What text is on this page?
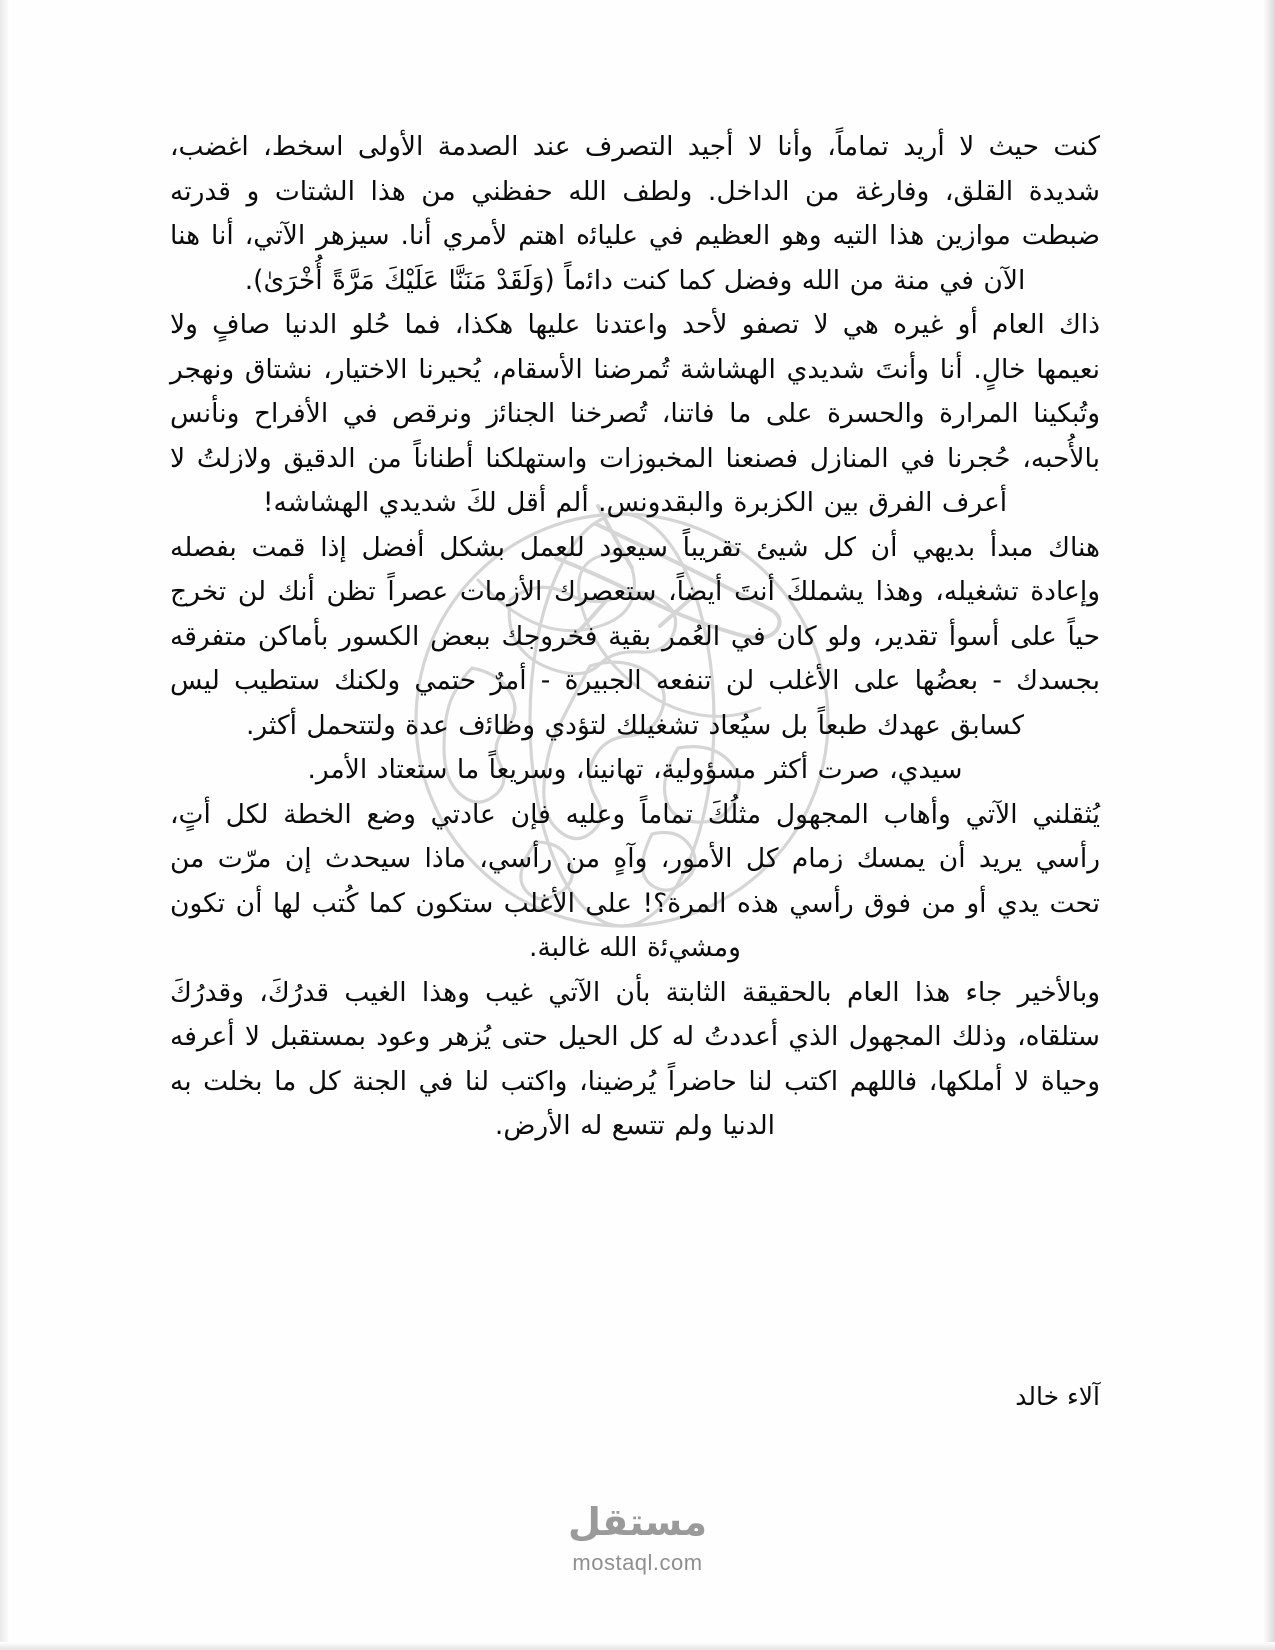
كنت حيث لا أريد تماماً، وأنا لا أجيد التصرف عند الصدمة الأولى اسخط، اغضب، شديدة القلق، وفارغة من الداخل. ولطف الله حفظني من هذا الشتات و قدرته ضبطت موازين هذا التيه وهو العظيم في علياﺋه اهتم لأمري أنا. سيزهر الآتي، أنا هنا الآن في منة من الله وفضل كما كنت داﺋماً (وَلَقَدْ مَنَنَّا عَلَيْكَ مَرَّةً أُخْرَىٰ).

ذاك العام أو غيره هي لا تصفو لأحد واعتدنا عليها هكذا، فما حُلو الدنيا صافٍ ولا نعيمها خالٍ. أنا وأنتَ شديدي الهشاشة تُمرضنا الأسقام، يُحيرنا الاختيار، نشتاق ونهجر وتُبكينا المرارة والحسرة على ما فاتنا، تُصرخنا الجناﺋز ونرقص في الأفراح ونأنس بالأُحبه، حُجرنا في المنازل فصنعنا المخبوزات واستهلكنا أطناناً من الدقيق ولازلتُ لا أعرف الفرق بين الكزبرة والبقدونس. ألم أقل لكَ شديدي الهشاشه!

هناك مبدأ بديهي أن كل شيئ تقريباً سيعود للعمل بشكل أفضل إذا قمت بفصله وإعادة تشغيله، وهذا يشملكَ أنتَ أيضاً، ستعصرك الأزمات عصراً تظن أنك لن تخرج حياً على أسوأ تقدير، ولو كان في العُمر بقية فخروجك ببعض الكسور بأماكن متفرقه بجسدك - بعضُها على الأغلب لن تنفعه الجبيرة - أمرٌ حتمي ولكنك ستطيب ليس كسابق عهدك طبعاً بل سيُعاد تشغيلك لتؤدي وظاﺋف عدة ولتتحمل أكثر.

سيدي، صرت أكثر مسؤولية، تهانينا، وسريعاً ما ستعتاد الأمر.

يُثقلني الآتي وأهاب المجهول مثلُكَ تماماً وعليه فإن عادتي وضع الخطة لكل أتٍ، رأسي يريد أن يمسك زمام كل الأمور، وآهٍ من رأسي، ماذا سيحدث إن مرّت من تحت يدي أو من فوق رأسي هذه المرة؟! على الأغلب ستكون كما كُتب لها أن تكون ومشيﺋة الله غالبة.

وبالأخير جاء هذا العام بالحقيقة الثابتة بأن الآتي غيب وهذا الغيب قدرُكَ، وقدرُكَ ستلقاه، وذلك المجهول الذي أعددتُ له كل الحيل حتى يُزهر وعود بمستقبل لا أعرفه وحياة لا أملكها، فاللهم اكتب لنا حاضراً يُرضينا، واكتب لنا في الجنة كل ما بخلت به الدنيا ولم تتسع له الأرض.

آلاء خالد
مستقل
mostaql.com
